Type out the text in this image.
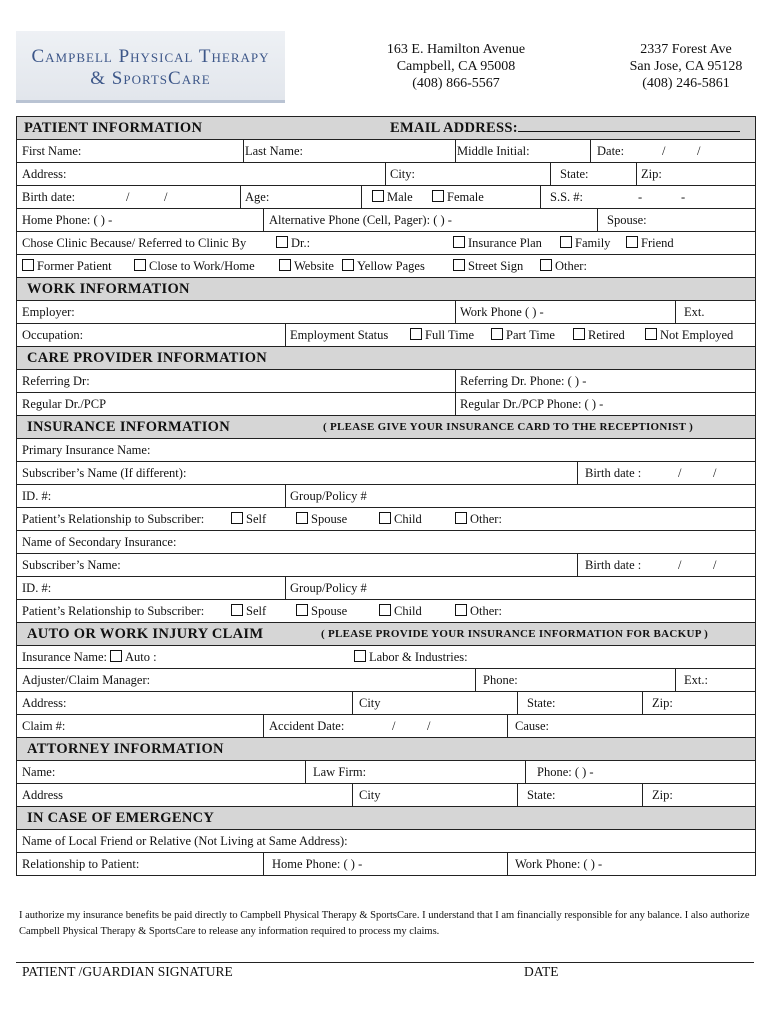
Campbell Physical Therapy
& SportsCare
163 E. Hamilton Avenue
Campbell, CA 95008
(408) 866-5567
2337 Forest Ave
San Jose, CA 95128
(408) 246-5861
PATIENT INFORMATION	EMAIL ADDRESS:
First Name:	Last Name:	Middle Initial:	Date:	/	/
Address:	City:	State:	Zip:
Birth date:	/	/	Age:	Male	Female	S.S. #:	-	-
Home Phone: ( ) -	Alternative Phone (Cell, Pager): ( ) -	Spouse:
Chose Clinic Because/ Referred to Clinic By	Dr.:	Insurance Plan	Family	Friend
Former Patient	Close to Work/Home	Website	Yellow Pages	Street Sign	Other:
WORK INFORMATION
Employer:	Work Phone ( ) -	Ext.
Occupation:	Employment Status	Full Time	Part Time	Retired	Not Employed
CARE PROVIDER INFORMATION
Referring Dr:	Referring Dr. Phone: ( ) -
Regular Dr./PCP	Regular Dr./PCP Phone: ( ) -
INSURANCE INFORMATION	( PLEASE GIVE YOUR INSURANCE CARD TO THE RECEPTIONIST )
Primary Insurance Name:
Subscriber’s Name (If different):	Birth date :	/	/
ID. #:	Group/Policy #
Patient’s Relationship to Subscriber:	Self	Spouse	Child	Other:
Name of Secondary Insurance:
Subscriber’s Name:	Birth date :	/	/
ID. #:	Group/Policy #
Patient’s Relationship to Subscriber:	Self	Spouse	Child	Other:
AUTO OR WORK INJURY CLAIM	( PLEASE PROVIDE YOUR INSURANCE INFORMATION FOR BACKUP )
Insurance Name:	Auto :	Labor & Industries:
Adjuster/Claim Manager:	Phone:	Ext.:
Address:	City	State:	Zip:
Claim #:	Accident Date:	/	/	Cause:
ATTORNEY INFORMATION
Name:	Law Firm:	Phone: ( ) -
Address	City	State:	Zip:
IN CASE OF EMERGENCY
Name of Local Friend or Relative (Not Living at Same Address):
Relationship to Patient:	Home Phone: ( ) -	Work Phone: ( ) -
I authorize my insurance benefits be paid directly to Campbell Physical Therapy & SportsCare. I understand that I am financially responsible for any balance. I also authorize Campbell Physical Therapy & SportsCare to release any information required to process my claims.
PATIENT /GUARDIAN SIGNATURE	DATE
